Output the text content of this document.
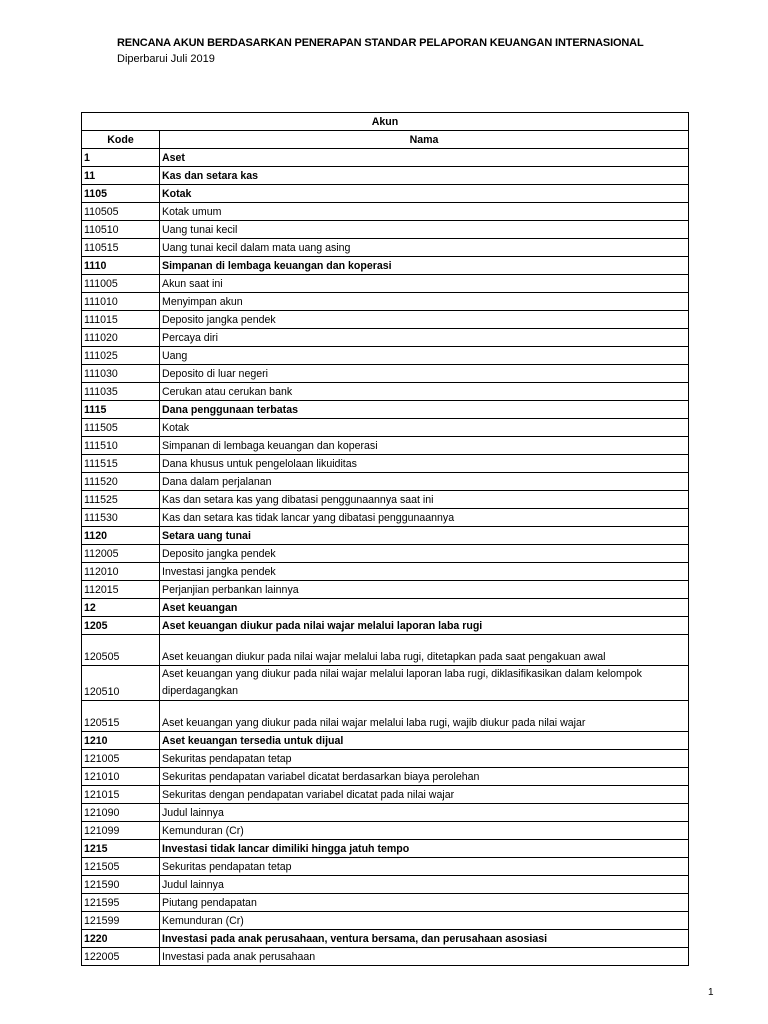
RENCANA AKUN BERDASARKAN PENERAPAN STANDAR PELAPORAN KEUANGAN INTERNASIONAL
Diperbarui Juli 2019
Akun	
Kode	Nama
1	Aset
11	Kas dan setara kas
1105	Kotak
110505	Kotak umum
110510	Uang tunai kecil
110515	Uang tunai kecil dalam mata uang asing
1110	Simpanan di lembaga keuangan dan koperasi
111005	Akun saat ini
111010	Menyimpan akun
111015	Deposito jangka pendek
111020	Percaya diri
111025	Uang
111030	Deposito di luar negeri
111035	Cerukan atau cerukan bank
1115	Dana penggunaan terbatas
111505	Kotak
111510	Simpanan di lembaga keuangan dan koperasi
111515	Dana khusus untuk pengelolaan likuiditas
111520	Dana dalam perjalanan
111525	Kas dan setara kas yang dibatasi penggunaannya saat ini
111530	Kas dan setara kas tidak lancar yang dibatasi penggunaannya
1120	Setara uang tunai
112005	Deposito jangka pendek
112010	Investasi jangka pendek
112015	Perjanjian perbankan lainnya
12	Aset keuangan
1205	Aset keuangan diukur pada nilai wajar melalui laporan laba rugi
120505	Aset keuangan diukur pada nilai wajar melalui laba rugi, ditetapkan pada saat pengakuan awal
120510	Aset keuangan yang diukur pada nilai wajar melalui laporan laba rugi, diklasifikasikan dalam kelompok diperdagangkan
120515	Aset keuangan yang diukur pada nilai wajar melalui laba rugi, wajib diukur pada nilai wajar
1210	Aset keuangan tersedia untuk dijual
121005	Sekuritas pendapatan tetap
121010	Sekuritas pendapatan variabel dicatat berdasarkan biaya perolehan
121015	Sekuritas dengan pendapatan variabel dicatat pada nilai wajar
121090	Judul lainnya
121099	Kemunduran (Cr)
1215	Investasi tidak lancar dimiliki hingga jatuh tempo
121505	Sekuritas pendapatan tetap
121590	Judul lainnya
121595	Piutang pendapatan
121599	Kemunduran (Cr)
1220	Investasi pada anak perusahaan, ventura bersama, dan perusahaan asosiasi
122005	Investasi pada anak perusahaan
1
